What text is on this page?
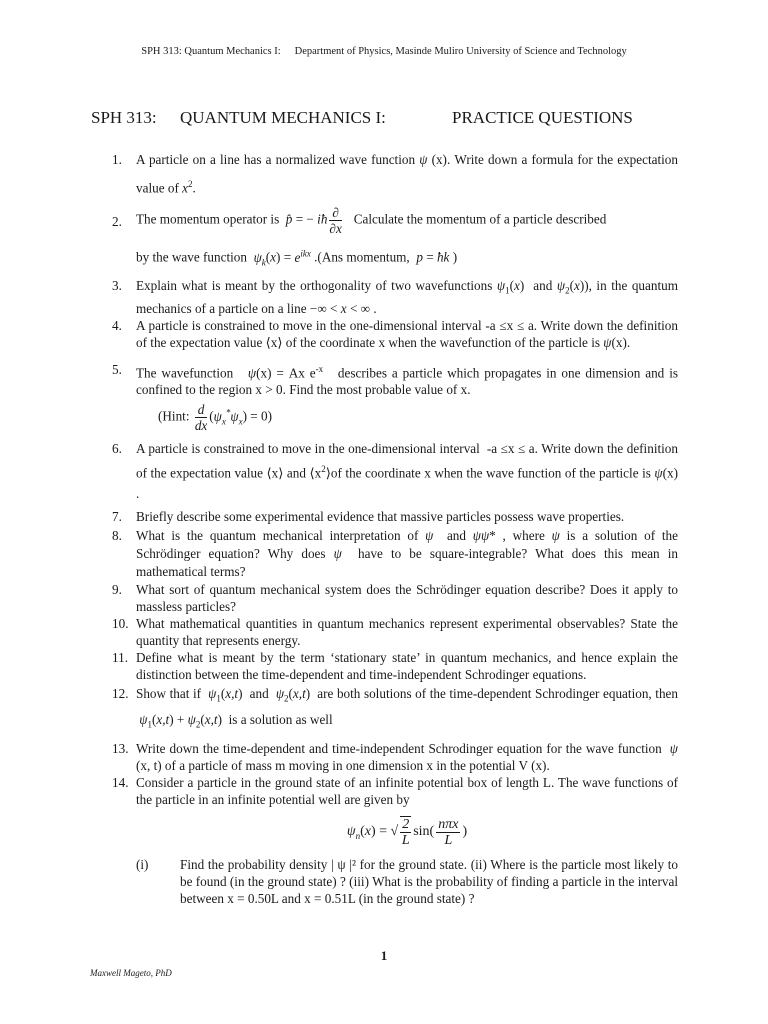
SPH 313: Quantum Mechanics I: Department of Physics, Masinde Muliro University of Science and Technology
SPH 313: QUANTUM MECHANICS I:	PRACTICE QUESTIONS
1. A particle on a line has a normalized wave function ψ (x). Write down a formula for the expectation value of $x^2$.
2. The momentum operator is  p̂ = − iħ $\frac{\partial}{\partial x}$ Calculate the momentum of a particle described
by the wave function  $\psi_k(x) = e^{ikx}$ .(Ans momentum,  p = ħk )
3. Explain what is meant by the orthogonality of two wavefunctions $\psi_1(x)$  and $\psi_2(x)$), in the quantum mechanics of a particle on a line −∞ < x < ∞ .
4. A particle is constrained to move in the one-dimensional interval -a ≤x ≤ a. Write down the definition of the expectation value ⟨x⟩ of the coordinate x when the wavefunction of the particle is ψ(x).
5. The wavefunction   ψ(x) = Ax $e^{-x}$   describes a particle which propagates in one dimension and is confined to the region x > 0. Find the most probable value of x.
(Hint: $\frac{d}{dx} (\psi_x^*\psi_x) = 0$)
6. A particle is constrained to move in the one-dimensional interval  -a ≤x ≤ a. Write down the definition of the expectation value ⟨x⟩ and $⟨x^2⟩of$ the coordinate x when the wave function of the particle is ψ(x) .
7. Briefly describe some experimental evidence that massive particles possess wave properties.
8. What is the quantum mechanical interpretation of ψ  and ψψ* , where ψ is a solution of the Schrödinger equation? Why does ψ  have to be square-integrable? What does this mean in mathematical terms?
9. What sort of quantum mechanical system does the Schrödinger equation describe? Does it apply to massless particles?
10. What mathematical quantities in quantum mechanics represent experimental observables? State the quantity that represents energy.
11. Define what is meant by the term ‘stationary state’ in quantum mechanics, and hence explain the distinction between the time-dependent and time-independent Schrodinger equations.
12. Show that if  $\psi_1(x,t)$  and  $\psi_2(x,t)$  are both solutions of the time-dependent Schrodinger equation, then  $\psi_1(x,t) + \psi_2(x,t)$  is a solution as well
13. Write down the time-dependent and time-independent Schrodinger equation for the wave function  ψ (x, t) of a particle of mass m moving in one dimension x in the potential V (x).
14. Consider a particle in the ground state of an infinite potential box of length L. The wave functions of the particle in an infinite potential well are given by
$\psi_n(x)$ = √ $\frac{2}{L} \sin( \frac{\text{nπx}}{L}$ )
(i) Find the probability density | ψ |² for the ground state. (ii) Where is the particle most likely to be found (in the ground state) ? (iii) What is the probability of finding a particle in the interval between x = 0.50L and x = 0.51L (in the ground state) ?
1
Maxwell Mageto, PhD
